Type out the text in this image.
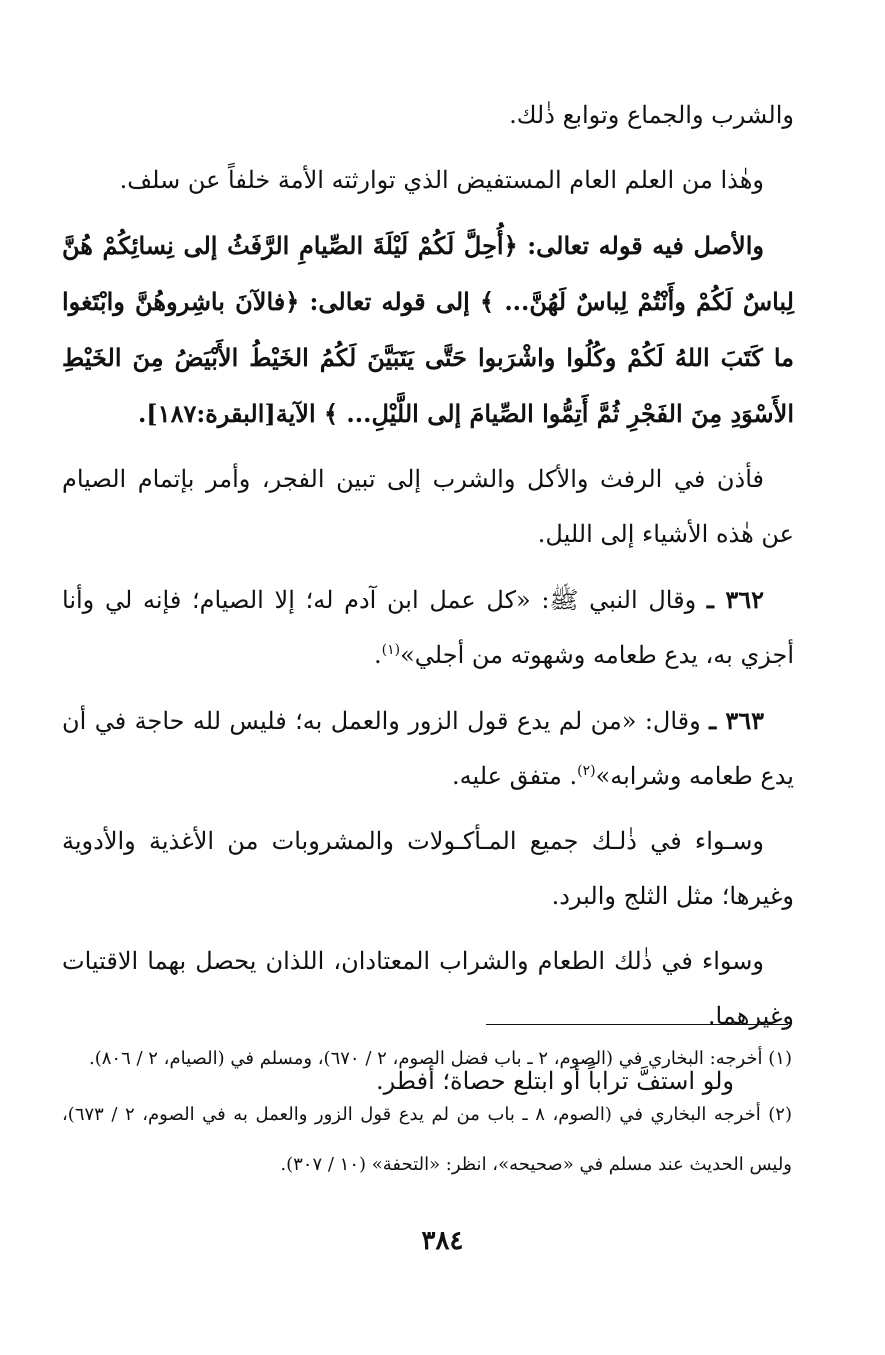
والشرب والجماع وتوابع ذٰلك.

وهٰذا من العلم العام المستفيض الذي توارثته الأمة خلفاً عن سلف.

والأصل فيه قوله تعالى: ﴿أُحِلَّ لَكُمْ لَيْلَةَ الصِّيامِ الرَّفَثُ إلى نِسائِكُمْ هُنَّ لِباسٌ لَكُمْ وأَنْتُمْ لِباسٌ لَهُنَّ... ﴾ إلى قوله تعالى: ﴿فالآنَ باشِروهُنَّ وابْتَغوا ما كَتَبَ اللهُ لَكُمْ وكُلُوا واشْرَبوا حَتَّى يَتَبَيَّنَ لَكُمُ الخَيْطُ الأَبْيَضُ مِنَ الخَيْطِ الأَسْوَدِ مِنَ الفَجْرِ ثُمَّ أَتِمُّوا الصِّيامَ إلى اللَّيْلِ... ﴾ الآية[البقرة:١٨٧].

فأذن في الرفث والأكل والشرب إلى تبين الفجر، وأمر بإتمام الصيام عن هٰذه الأشياء إلى الليل.

٣٦٢ ـ وقال النبي ﷺ: «كل عمل ابن آدم له؛ إلا الصيام؛ فإنه لي وأنا أجزي به، يدع طعامه وشهوته من أجلي»$^{(١)}$.

٣٦٣ ـ وقال: «من لم يدع قول الزور والعمل به؛ فليس لله حاجة في أن يدع طعامه وشرابه»$^{(٢)}$. متفق عليه.

وسـواء في ذٰلـك جميع المـأكـولات والمشروبات من الأغذية والأدوية وغيرها؛ مثل الثلج والبرد.

وسواء في ذٰلك الطعام والشراب المعتادان، اللذان يحصل بهما الاقتيات وغيرهما.

ولو استفَّ تراباً أو ابتلع حصاة؛ أفطر.

(١) أخرجه: البخاري في (الصوم، ٢ ـ باب فضل الصوم، ٢ / ٦٧٠)، ومسلم في (الصيام، ٢ / ٨٠٦).

(٢) أخرجه البخاري في (الصوم، ٨ ـ باب من لم يدع قول الزور والعمل به في الصوم، ٢ / ٦٧٣)، وليس الحديث عند مسلم في «صحيحه»، انظر: «التحفة» (١٠ / ٣٠٧).

٣٨٤
